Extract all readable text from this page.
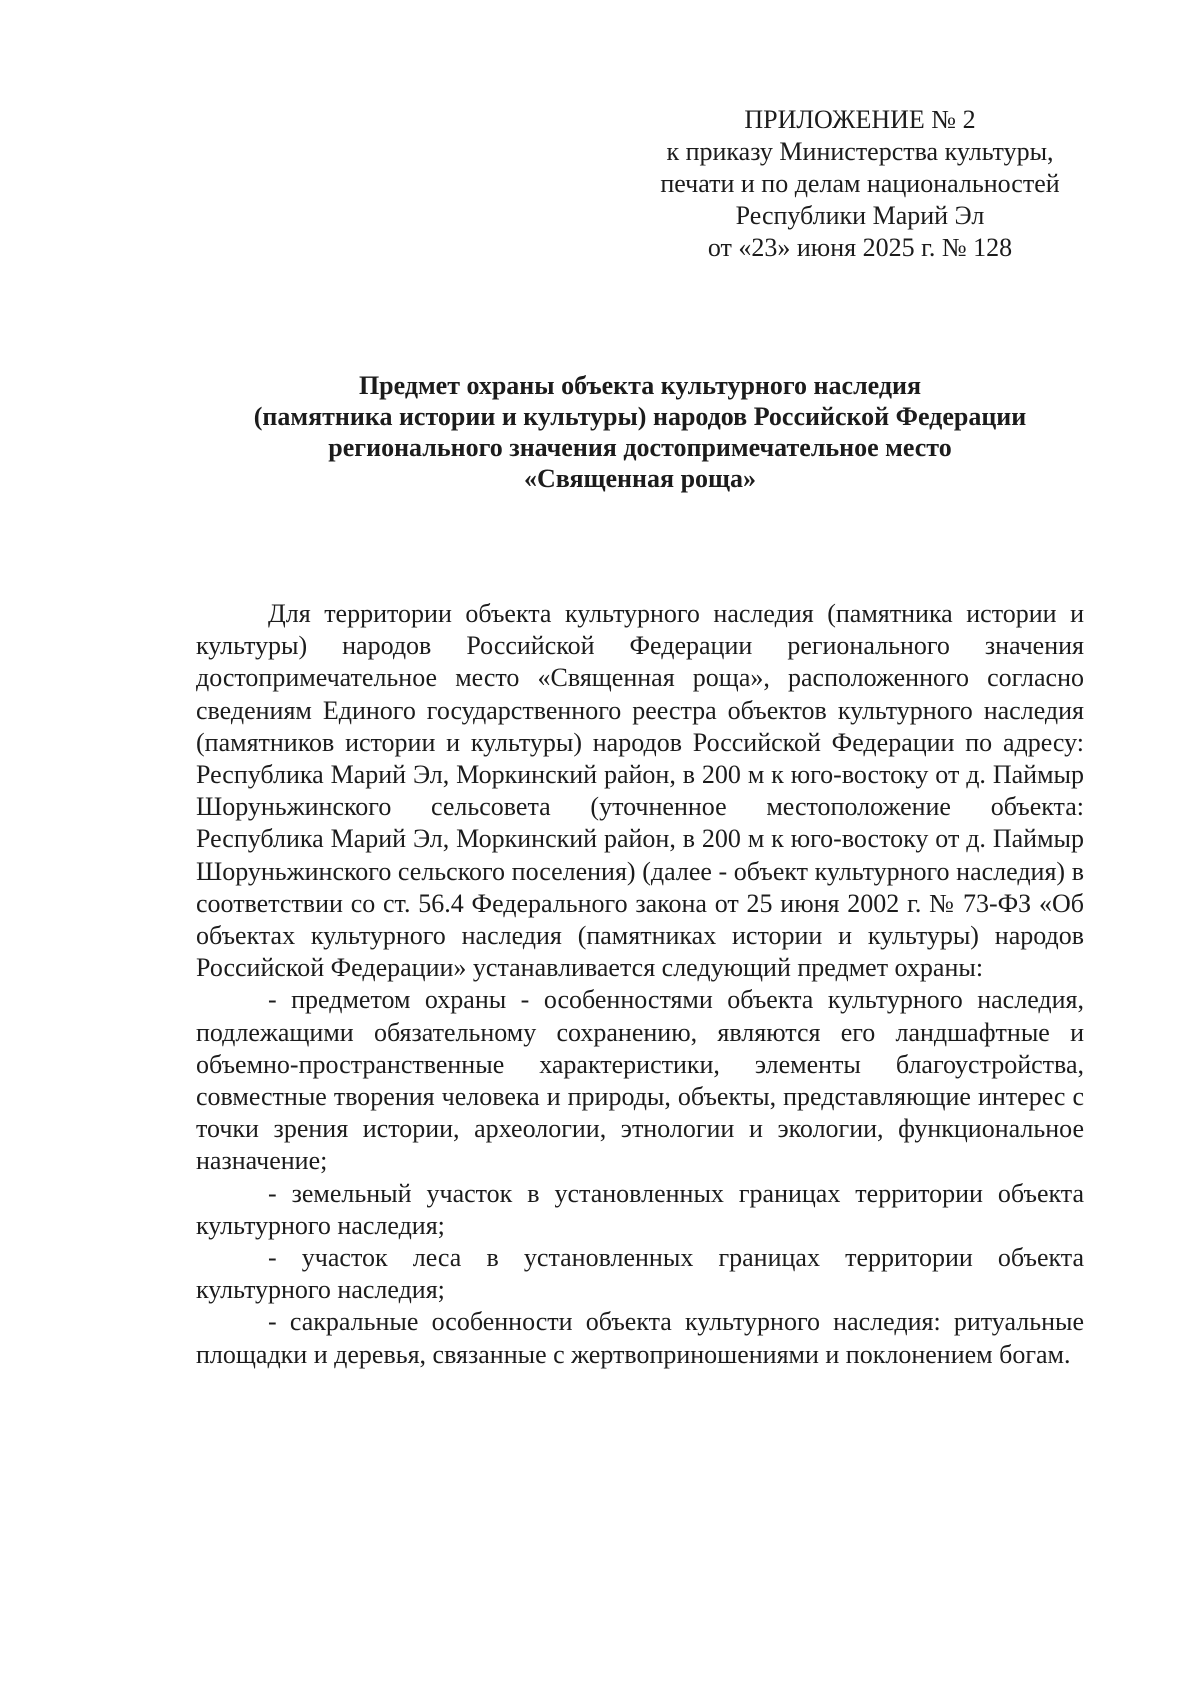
ПРИЛОЖЕНИЕ № 2
к приказу Министерства культуры,
печати и по делам национальностей
Республики Марий Эл
от «23» июня 2025 г. № 128
Предмет охраны объекта культурного наследия
(памятника истории и культуры) народов Российской Федерации
регионального значения достопримечательное место
«Священная роща»

Для территории объекта культурного наследия (памятника истории и культуры) народов Российской Федерации регионального значения достопримечательное место «Священная роща», расположенного согласно сведениям Единого государственного реестра объектов культурного наследия (памятников истории и культуры) народов Российской Федерации по адресу: Республика Марий Эл, Моркинский район, в 200 м к юго-востоку от д. Паймыр Шоруньжинского сельсовета (уточненное местоположение объекта: Республика Марий Эл, Моркинский район, в 200 м к юго-востоку от д. Паймыр Шоруньжинского сельского поселения) (далее - объект культурного наследия) в соответствии со ст. 56.4 Федерального закона от 25 июня 2002 г. № 73-ФЗ «Об объектах культурного наследия (памятниках истории и культуры) народов Российской Федерации» устанавливается следующий предмет охраны:

- предметом охраны - особенностями объекта культурного наследия, подлежащими обязательному сохранению, являются его ландшафтные и объемно-пространственные характеристики, элементы благоустройства, совместные творения человека и природы, объекты, представляющие интерес с точки зрения истории, археологии, этнологии и экологии, функциональное назначение;

- земельный участок в установленных границах территории объекта культурного наследия;

- участок леса в установленных границах территории объекта культурного наследия;

- сакральные особенности объекта культурного наследия: ритуальные площадки и деревья, связанные с жертвоприношениями и поклонением богам.
